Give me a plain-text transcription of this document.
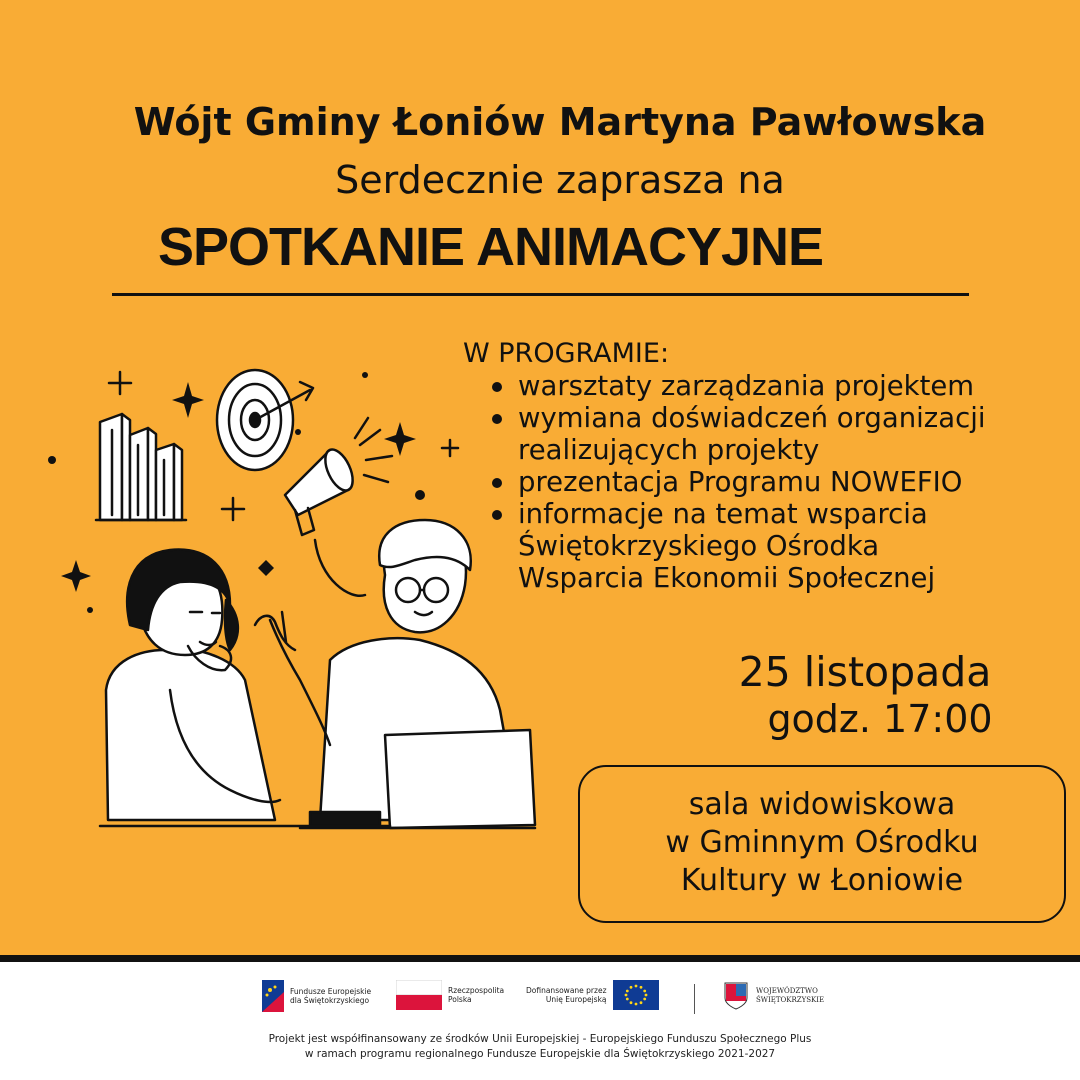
Wójt Gminy Łoniów Martyna Pawłowska
Serdecznie zaprasza na
SPOTKANIE ANIMACYJNE
W PROGRAMIE:
warsztaty zarządzania projektem
wymiana doświadczeń organizacji
realizujących projekty
prezentacja Programu NOWEFIO
informacje na temat wsparcia
Świętokrzyskiego Ośrodka
Wsparcia Ekonomii Społecznej
25 listopada
godz. 17:00
sala widowiskowa
w Gminnym Ośrodku
Kultury w Łoniowie
Fundusze Europejskie
dla Świętokrzyskiego
Rzeczpospolita
Polska
Dofinansowane przez
Unię Europejską
WOJEWÓDZTWO
ŚWIĘTOKRZYSKIE
Projekt jest współfinansowany ze środków Unii Europejskiej - Europejskiego Funduszu Społecznego Plus
w ramach programu regionalnego Fundusze Europejskie dla Świętokrzyskiego 2021-2027
